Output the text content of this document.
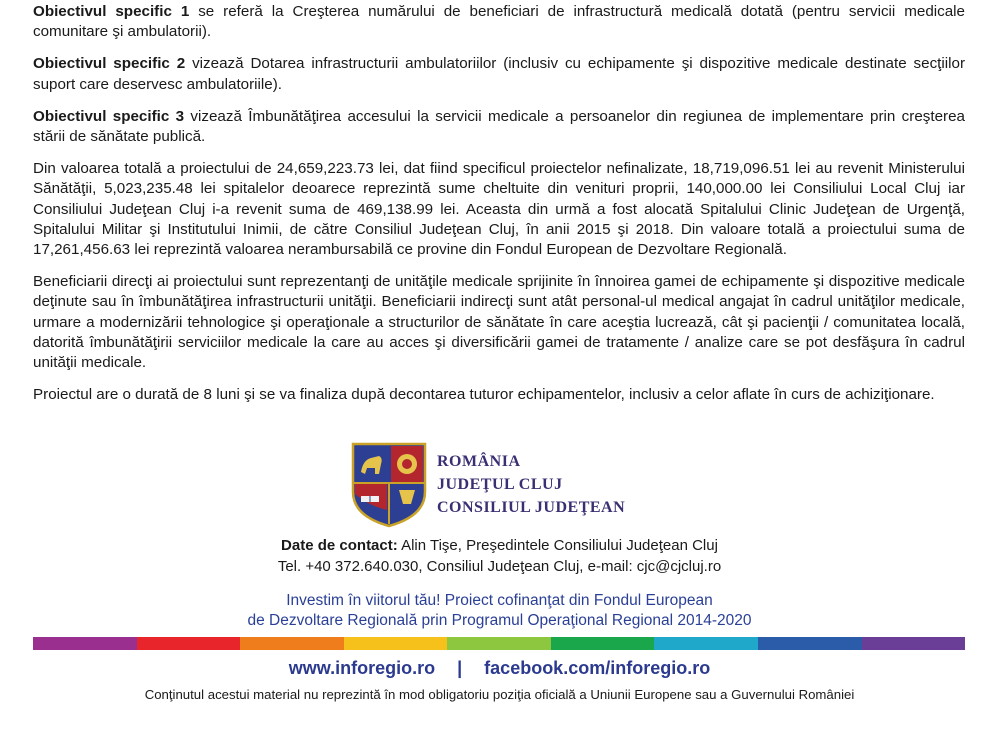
Obiectivul specific 1 se referă la Creşterea numărului de beneficiari de infrastructură medicală dotată (pentru servicii medicale comunitare şi ambulatorii).

Obiectivul specific 2 vizează Dotarea infrastructurii ambulatoriilor (inclusiv cu echipamente şi dispozitive medicale destinate secţiilor suport care deservesc ambulatoriile).

Obiectivul specific 3 vizează Îmbunătăţirea accesului la servicii medicale a persoanelor din regiunea de implementare prin creşterea stării de sănătate publică.

Din valoarea totală a proiectului de 24,659,223.73 lei, dat fiind specificul proiectelor nefinalizate, 18,719,096.51 lei au revenit Ministerului Sănătăţii, 5,023,235.48 lei spitalelor deoarece reprezintă sume cheltuite din venituri proprii, 140,000.00 lei Consiliului Local Cluj iar Consiliului Judeţean Cluj i-a revenit suma de 469,138.99 lei. Aceasta din urmă a fost alocată Spitalului Clinic Judeţean de Urgenţă, Spitalului Militar şi Institutului Inimii, de către Consiliul Judeţean Cluj, în anii 2015 şi 2018. Din valoare totală a proiectului suma de 17,261,456.63 lei reprezintă valoarea nerambursabilă ce provine din Fondul European de Dezvoltare Regională.

Beneficiarii direcţi ai proiectului sunt reprezentanţi de unităţile medicale sprijinite în înnoirea gamei de echipamente şi dispozitive medicale deţinute sau în îmbunătăţirea infrastructurii unităţii. Beneficiarii indirecţi sunt atât personal-ul medical angajat în cadrul unităţilor medicale, urmare a modernizării tehnologice şi operaţionale a structurilor de sănătate în care aceştia lucrează, cât şi pacienţii / comunitatea locală, datorită îmbunătăţirii serviciilor medicale la care au acces şi diversificării gamei de tratamente / analize care se pot desfăşura în cadrul unităţii medicale.

Proiectul are o durată de 8 luni şi se va finaliza după decontarea tuturor echipamentelor, inclusiv a celor aflate în curs de achiziţionare.

ROMÂNIA
JUDEŢUL CLUJ
CONSILIUL JUDEŢEAN
Date de contact: Alin Tişe, Preşedintele Consiliului Judeţean Cluj
Tel. +40 372.640.030, Consiliul Judeţean Cluj, e-mail: cjc@cjcluj.ro
Investim în viitorul tău! Proiect cofinanţat din Fondul European
de Dezvoltare Regională prin Programul Operaţional Regional 2014-2020
www.inforegio.ro | facebook.com/inforegio.ro
Conţinutul acestui material nu reprezintă în mod obligatoriu poziţia oficială a Uniunii Europene sau a Guvernului României
